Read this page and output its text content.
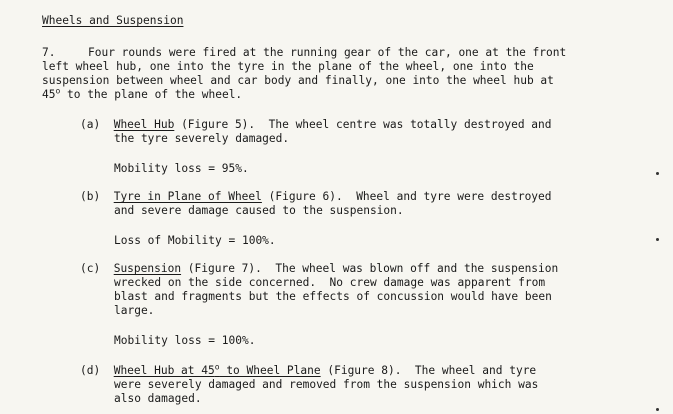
Wheels and Suspension
7.	Four rounds were fired at the running gear of the car, one at the front
left wheel hub, one into the tyre in the plane of the wheel, one into the
suspension between wheel and car body and finally, one into the wheel hub at
45$^o$ to the plane of the wheel.
(a) Wheel Hub (Figure 5).  The wheel centre was totally destroyed and
the tyre severely damaged.
Mobility loss = 95%.
(b) Tyre in Plane of Wheel (Figure 6).  Wheel and tyre were destroyed
and severe damage caused to the suspension.
Loss of Mobility = 100%.
(c) Suspension (Figure 7).  The wheel was blown off and the suspension
wrecked on the side concerned.  No crew damage was apparent from
blast and fragments but the effects of concussion would have been
large.
Mobility loss = 100%.
(d) Wheel Hub at 45$^o$ to Wheel Plane (Figure 8).  The wheel and tyre
were severely damaged and removed from the suspension which was
also damaged.
